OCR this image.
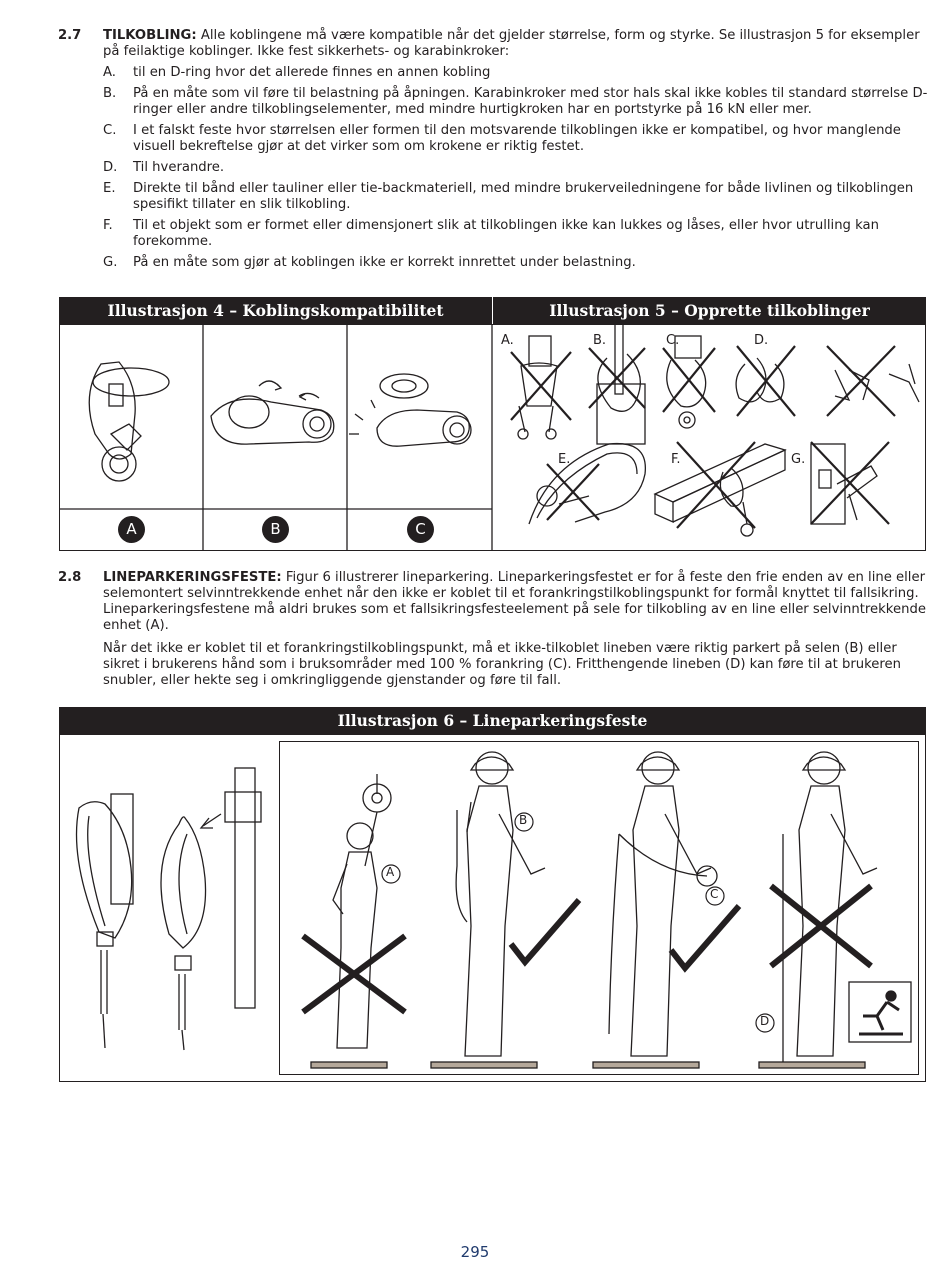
2.7 TILKOBLING: Alle koblingene må være kompatible når det gjelder størrelse, form og styrke. Se illustrasjon 5 for eksempler på feilaktige koblinger. Ikke fest sikkerhets- og karabinkroker:
A. til en D-ring hvor det allerede finnes en annen kobling
B. På en måte som vil føre til belastning på åpningen. Karabinkroker med stor hals skal ikke kobles til standard størrelse D-ringer eller andre tilkoblingselementer, med mindre hurtigkroken har en portstyrke på 16 kN eller mer.
C. I et falskt feste hvor størrelsen eller formen til den motsvarende tilkoblingen ikke er kompatibel, og hvor manglende visuell bekreftelse gjør at det virker som om krokene er riktig festet.
D. Til hverandre.
E. Direkte til bånd eller tauliner eller tie-backmateriell, med mindre brukerveiledningene for både livlinen og tilkoblingen spesifikt tillater en slik tilkobling.
F. Til et objekt som er formet eller dimensjonert slik at tilkoblingen ikke kan lukkes og låses, eller hvor utrulling kan forekomme.
G. På en måte som gjør at koblingen ikke er korrekt innrettet under belastning.
Illustrasjon 4 – Koblingskompatibilitet	Illustrasjon 5 – Opprette tilkoblinger
A.	B.	C.	D.
E.	F.	G.
A	B	C
2.8 LINEPARKERINGSFESTE: Figur 6 illustrerer lineparkering. Lineparkeringsfestet er for å feste den frie enden av en line eller selemontert selvinntrekkende enhet når den ikke er koblet til et forankringstilkoblingspunkt for formål knyttet til fallsikring. Lineparkeringsfestene må aldri brukes som et fallsikringsfesteelement på sele for tilkobling av en line eller selvinntrekkende enhet (A).
Når det ikke er koblet til et forankringstilkoblingspunkt, må et ikke-tilkoblet lineben være riktig parkert på selen (B) eller sikret i brukerens hånd som i bruksområder med 100 % forankring (C). Fritthengende lineben (D) kan føre til at brukeren snubler, eller hekte seg i omkringliggende gjenstander og føre til fall.
Illustrasjon 6 – Lineparkeringsfeste
A
B
C
D
295
